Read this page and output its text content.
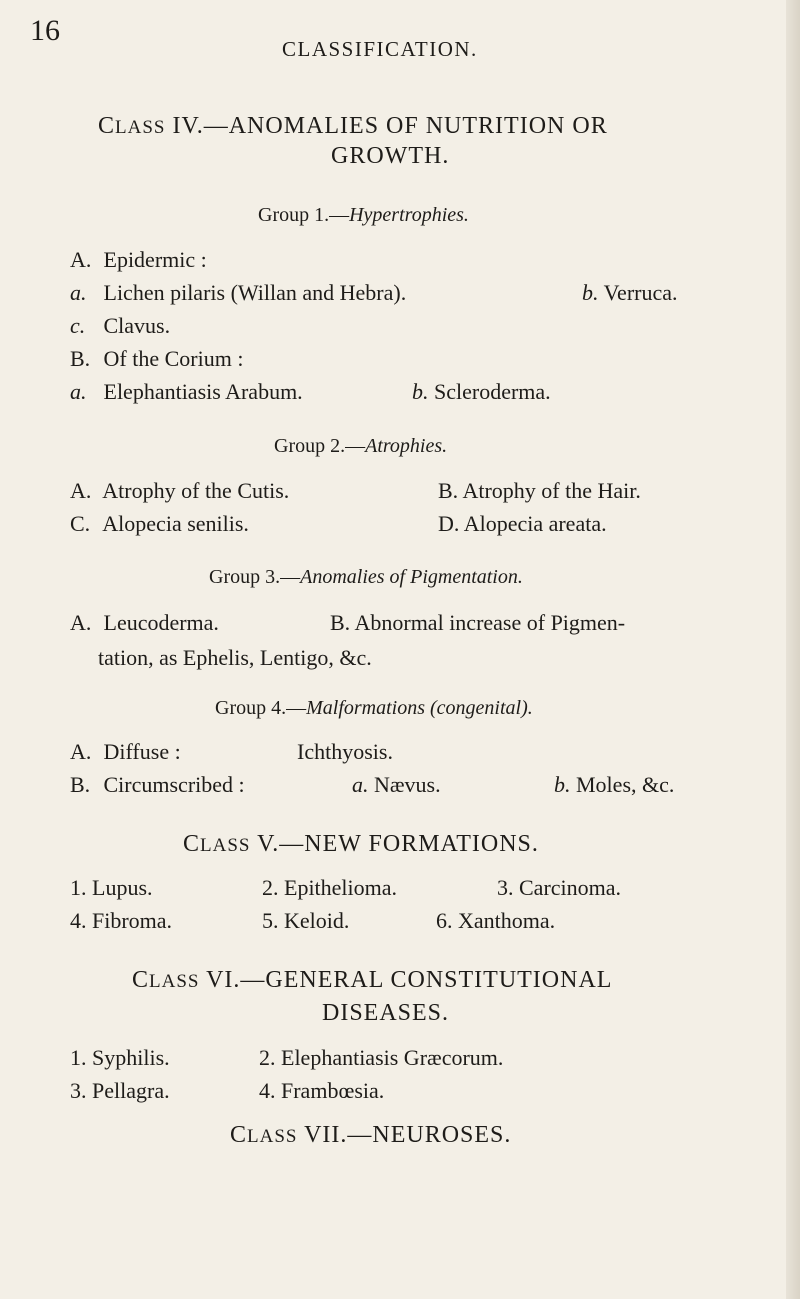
16
CLASSIFICATION.
CLASS IV.—ANOMALIES OF NUTRITION OR
GROWTH.
Group 1.—Hypertrophies.
A. Epidermic :
a. Lichen pilaris (Willan and Hebra).	b. Verruca.
c. Clavus.
B. Of the Corium :
a. Elephantiasis Arabum.	b. Scleroderma.
Group 2.—Atrophies.
A. Atrophy of the Cutis.	B. Atrophy of the Hair.
C. Alopecia senilis.	D. Alopecia areata.
Group 3.—Anomalies of Pigmentation.
A. Leucoderma.	B. Abnormal increase of Pigmen-
tation, as Ephelis, Lentigo, &c.
Group 4.—Malformations (congenital).
A. Diffuse :	Ichthyosis.
B. Circumscribed :	a. Nævus.	b. Moles, &c.
CLASS V.—NEW FORMATIONS.
1. Lupus.	2. Epithelioma.	3. Carcinoma.
4. Fibroma.	5. Keloid.	6. Xanthoma.
CLASS VI.—GENERAL CONSTITUTIONAL
DISEASES.
1. Syphilis.	2. Elephantiasis Græcorum.
3. Pellagra.	4. Frambœsia.
CLASS VII.—NEUROSES.
